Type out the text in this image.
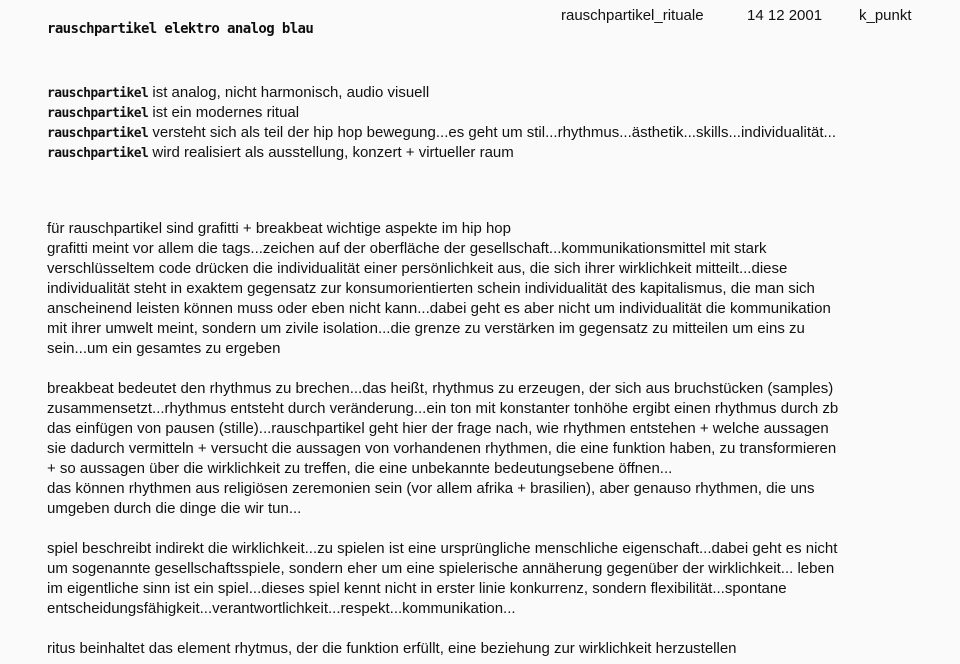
rauschpartikel elektro analog blau
rauschpartikel_rituale	14 12 2001 k_punkt
rauschpartikel ist analog, nicht harmonisch, audio visuell
rauschpartikel ist ein modernes ritual
rauschpartikel versteht sich als teil der hip hop bewegung...es geht um stil...rhythmus...ästhetik...skills...individualität...
rauschpartikel wird realisiert als ausstellung, konzert + virtueller raum
für rauschpartikel sind grafitti + breakbeat wichtige aspekte im hip hop
grafitti meint vor allem die tags...zeichen auf der oberfläche der gesellschaft...kommunikationsmittel mit stark
verschlüsseltem code drücken die individualität einer persönlichkeit aus, die sich ihrer wirklichkeit mitteilt...diese
individualität steht in exaktem gegensatz zur konsumorientierten schein individualität des kapitalismus, die man sich
anscheinend leisten können muss oder eben nicht kann...dabei geht es aber nicht um individualität die kommunikation
mit ihrer umwelt meint, sondern um zivile isolation...die grenze zu verstärken im gegensatz zu mitteilen um eins zu
sein...um ein gesamtes zu ergeben
breakbeat bedeutet den rhythmus zu brechen...das heißt, rhythmus zu erzeugen, der sich aus bruchstücken (samples)
zusammensetzt...rhythmus entsteht durch veränderung...ein ton mit konstanter tonhöhe ergibt einen rhythmus durch zb
das einfügen von pausen (stille)...rauschpartikel geht hier der frage nach, wie rhythmen entstehen + welche aussagen
sie dadurch vermitteln + versucht die aussagen von vorhandenen rhythmen, die eine funktion haben, zu transformieren
+ so aussagen über die wirklichkeit zu treffen, die eine unbekannte bedeutungsebene öffnen...
das können rhythmen aus religiösen zeremonien sein (vor allem afrika + brasilien), aber genauso rhythmen, die uns
umgeben durch die dinge die wir tun...
spiel beschreibt indirekt die wirklichkeit...zu spielen ist eine ursprüngliche menschliche eigenschaft...dabei geht es nicht
um sogenannte gesellschaftsspiele, sondern eher um eine spielerische annäherung gegenüber der wirklichkeit... leben
im eigentliche sinn ist ein spiel...dieses spiel kennt nicht in erster linie konkurrenz, sondern flexibilität...spontane
entscheidungsfähigkeit...verantwortlichkeit...respekt...kommunikation...
ritus beinhaltet das element rhytmus, der die funktion erfüllt, eine beziehung zur wirklichkeit herzustellen
